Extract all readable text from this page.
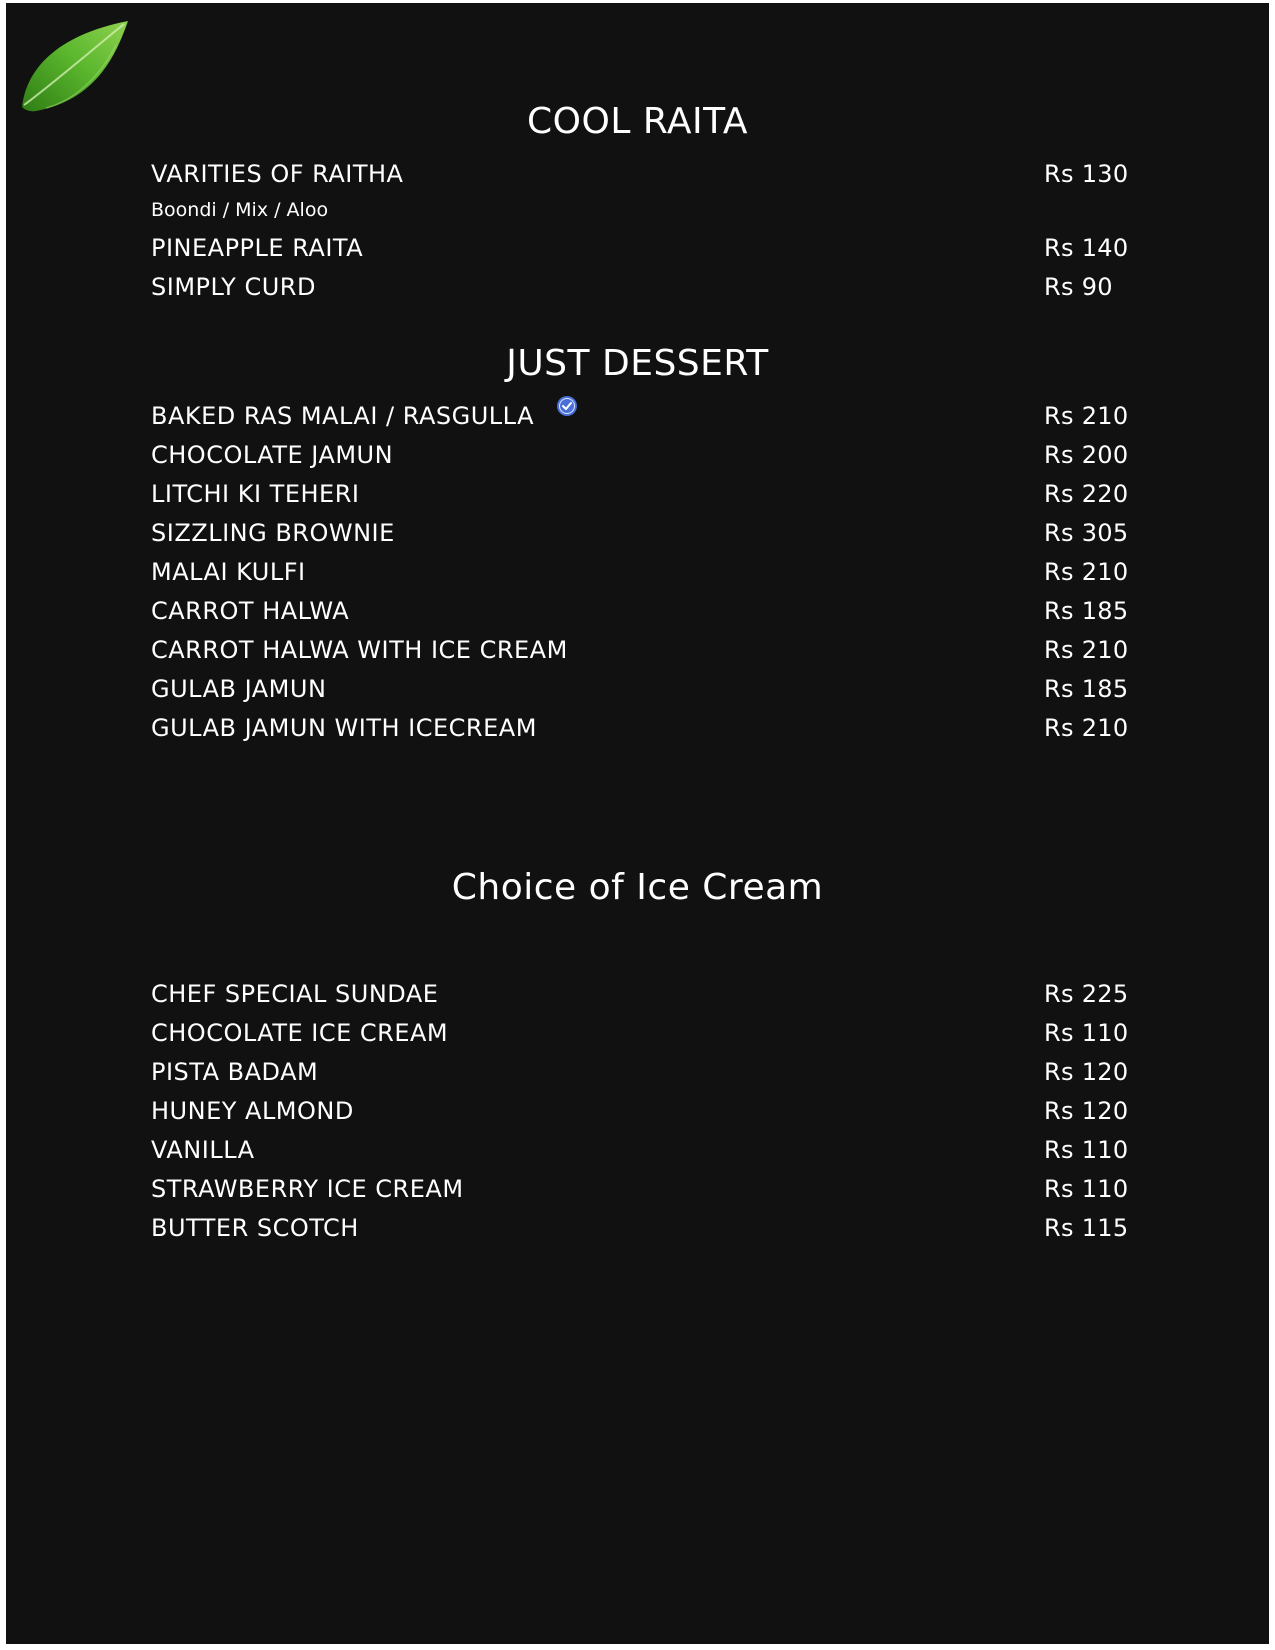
COOL RAITA
VARITIES OF RAITHA	Rs 130
Boondi / Mix / Aloo
PINEAPPLE RAITA	Rs 140
SIMPLY CURD	Rs 90
JUST DESSERT
BAKED RAS MALAI / RASGULLA	Rs 210
CHOCOLATE JAMUN	Rs 200
LITCHI KI TEHERI	Rs 220
SIZZLING BROWNIE	Rs 305
MALAI KULFI	Rs 210
CARROT HALWA	Rs 185
CARROT HALWA WITH ICE CREAM	Rs 210
GULAB JAMUN	Rs 185
GULAB JAMUN WITH ICECREAM	Rs 210
Choice of Ice Cream
CHEF SPECIAL SUNDAE	Rs 225
CHOCOLATE ICE CREAM	Rs 110
PISTA BADAM	Rs 120
HUNEY ALMOND	Rs 120
VANILLA	Rs 110
STRAWBERRY ICE CREAM	Rs 110
BUTTER SCOTCH	Rs 115
